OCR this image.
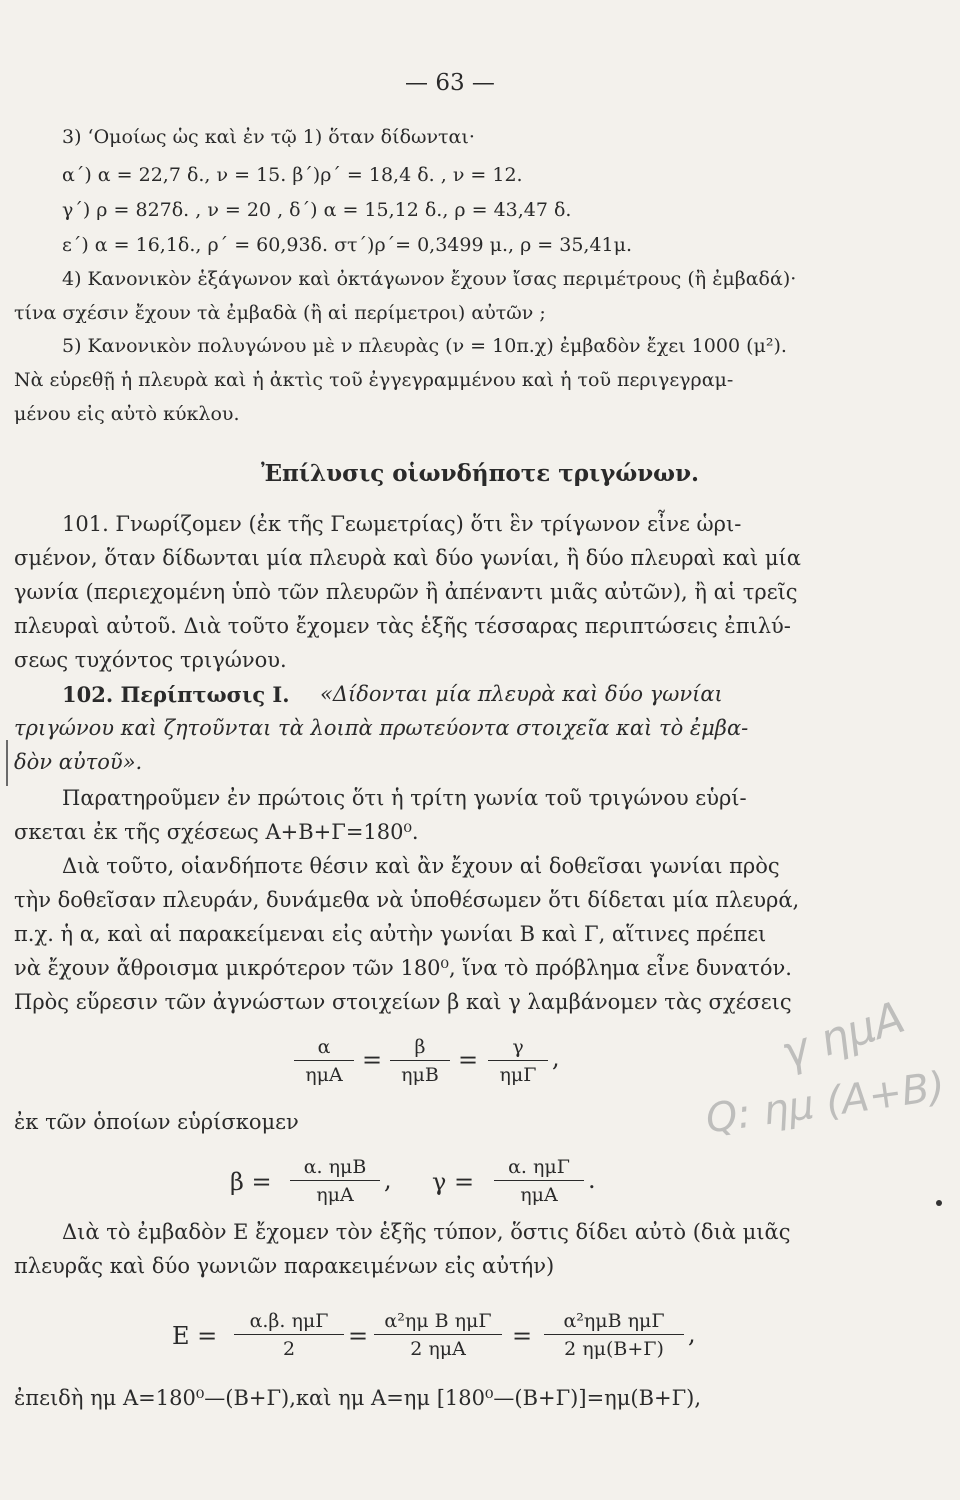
— 63 —
3) ‘Ομοίως ὡς καὶ ἐν τῷ 1) ὅταν δίδωνται·
α΄) α = 22,7 δ., ν = 15. β΄)ρ΄ = 18,4 δ. , ν = 12.
γ΄) ρ = 827δ. , ν = 20 , δ΄) α = 15,12 δ., ρ = 43,47 δ.
ε΄) α = 16,1δ., ρ΄ = 60,93δ. στ΄)ρ΄= 0,3499 μ., ρ = 35,41μ.
4) Κανονικὸν ἑξάγωνον καὶ ὀκτάγωνον ἔχουν ἴσας περιμέτρους (ἢ ἐμβαδά)·
τίνα σχέσιν ἔχουν τὰ ἐμβαδὰ (ἢ αἱ περίμετροι) αὐτῶν ;
5) Κανονικὸν πολυγώνου μὲ ν πλευρὰς (ν = 10π.χ) ἐμβαδὸν ἔχει 1000 (μ²).
Νὰ εὑρεθῇ ἡ πλευρὰ καὶ ἡ ἀκτὶς τοῦ ἐγγεγραμμένου καὶ ἡ τοῦ περιγεγραμ-
μένου εἰς αὐτὸ κύκλου.
Ἐπίλυσις οἱωνδήποτε τριγώνων.
101. Γνωρίζομεν (ἐκ τῆς Γεωμετρίας) ὅτι ἓν τρίγωνον εἶνε ὡρι-
σμένον, ὅταν δίδωνται μία πλευρὰ καὶ δύο γωνίαι, ἢ δύο πλευραὶ καὶ μία
γωνία (περιεχομένη ὑπὸ τῶν πλευρῶν ἢ ἀπέναντι μιᾶς αὐτῶν), ἢ αἱ τρεῖς
πλευραὶ αὐτοῦ. Διὰ τοῦτο ἔχομεν τὰς ἑξῆς τέσσαρας περιπτώσεις ἐπιλύ-
σεως τυχόντος τριγώνου.
102. Περίπτωσις Ι. «Δίδονται μία πλευρὰ καὶ δύο γωνίαι
τριγώνου καὶ ζητοῦνται τὰ λοιπὰ πρωτεύοντα στοιχεῖα καὶ τὸ ἐμβα-
δὸν αὐτοῦ».
Παρατηροῦμεν ἐν πρώτοις ὅτι ἡ τρίτη γωνία τοῦ τριγώνου εὑρί-
σκεται ἐκ τῆς σχέσεως Α+Β+Γ=180⁰.
Διὰ τοῦτο, οἱανδήποτε θέσιν καὶ ἂν ἔχουν αἱ δοθεῖσαι γωνίαι πρὸς
τὴν δοθεῖσαν πλευράν, δυνάμεθα νὰ ὑποθέσωμεν ὅτι δίδεται μία πλευρά,
π.χ. ἡ α, καὶ αἱ παρακείμεναι εἰς αὐτὴν γωνίαι Β καὶ Γ, αἵτινες πρέπει
νὰ ἔχουν ἄθροισμα μικρότερον τῶν 180⁰, ἵνα τὸ πρόβλημα εἶνε δυνατόν.
Πρὸς εὕρεσιν τῶν ἀγνώστων στοιχείων β καὶ γ λαμβάνομεν τὰς σχέσεις
α
ημΑ
=	β
ημΒ
=	γ
ημΓ
,
ἐκ τῶν ὁποίων εὑρίσκομεν
β =
α. ημΒ
ημΑ
, γ =
α. ημΓ
ημΑ
.
Διὰ τὸ ἐμβαδὸν Ε ἔχομεν τὸν ἑξῆς τύπον, ὅστις δίδει αὐτὸ (διὰ μιᾶς
πλευρᾶς καὶ δύο γωνιῶν παρακειμένων εἰς αὐτήν)
Ε =
α.β. ημΓ
2	=
α²ημ Β ημΓ
2 ημΑ	=
α²ημΒ ημΓ
2 ημ(Β+Γ)
,
ἐπειδὴ ημ Α=180⁰—(Β+Γ),καὶ ημ Α=ημ [180⁰—(Β+Γ)]=ημ(Β+Γ),
γ ημΑ
Q: ημ (Α+Β)
